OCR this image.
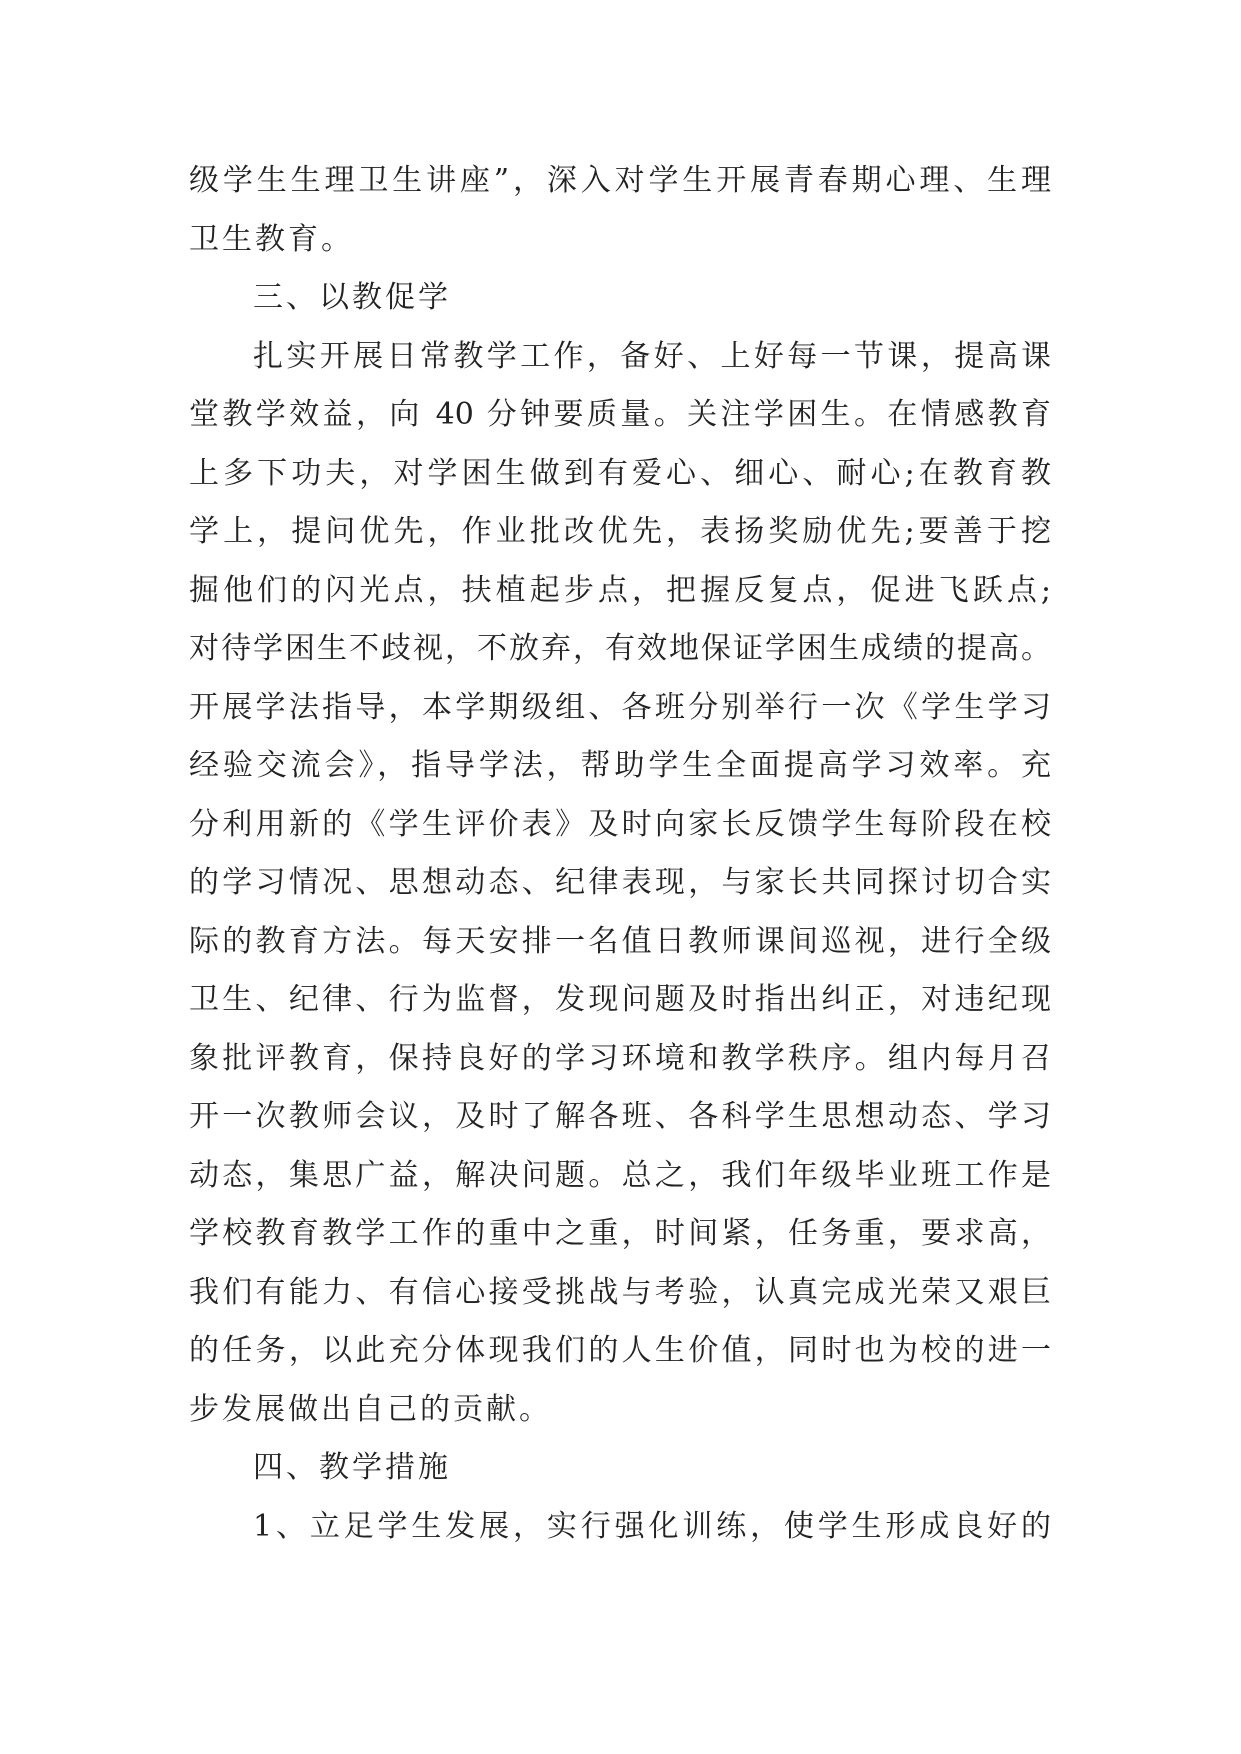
级学生生理卫生讲座”，深入对学生开展青春期心理、生理
卫生教育。
三、以教促学
扎实开展日常教学工作，备好、上好每一节课，提高课
堂教学效益，向 40 分钟要质量。关注学困生。在情感教育
上多下功夫，对学困生做到有爱心、细心、耐心;在教育教
学上，提问优先，作业批改优先，表扬奖励优先;要善于挖
掘他们的闪光点，扶植起步点，把握反复点，促进飞跃点;
对待学困生不歧视，不放弃，有效地保证学困生成绩的提高。
开展学法指导，本学期级组、各班分别举行一次《学生学习
经验交流会》，指导学法，帮助学生全面提高学习效率。充
分利用新的《学生评价表》及时向家长反馈学生每阶段在校
的学习情况、思想动态、纪律表现，与家长共同探讨切合实
际的教育方法。每天安排一名值日教师课间巡视，进行全级
卫生、纪律、行为监督，发现问题及时指出纠正，对违纪现
象批评教育，保持良好的学习环境和教学秩序。组内每月召
开一次教师会议，及时了解各班、各科学生思想动态、学习
动态，集思广益，解决问题。总之，我们年级毕业班工作是
学校教育教学工作的重中之重，时间紧，任务重，要求高，
我们有能力、有信心接受挑战与考验，认真完成光荣又艰巨
的任务，以此充分体现我们的人生价值，同时也为校的进一
步发展做出自己的贡献。
四、教学措施
1、立足学生发展，实行强化训练，使学生形成良好的
